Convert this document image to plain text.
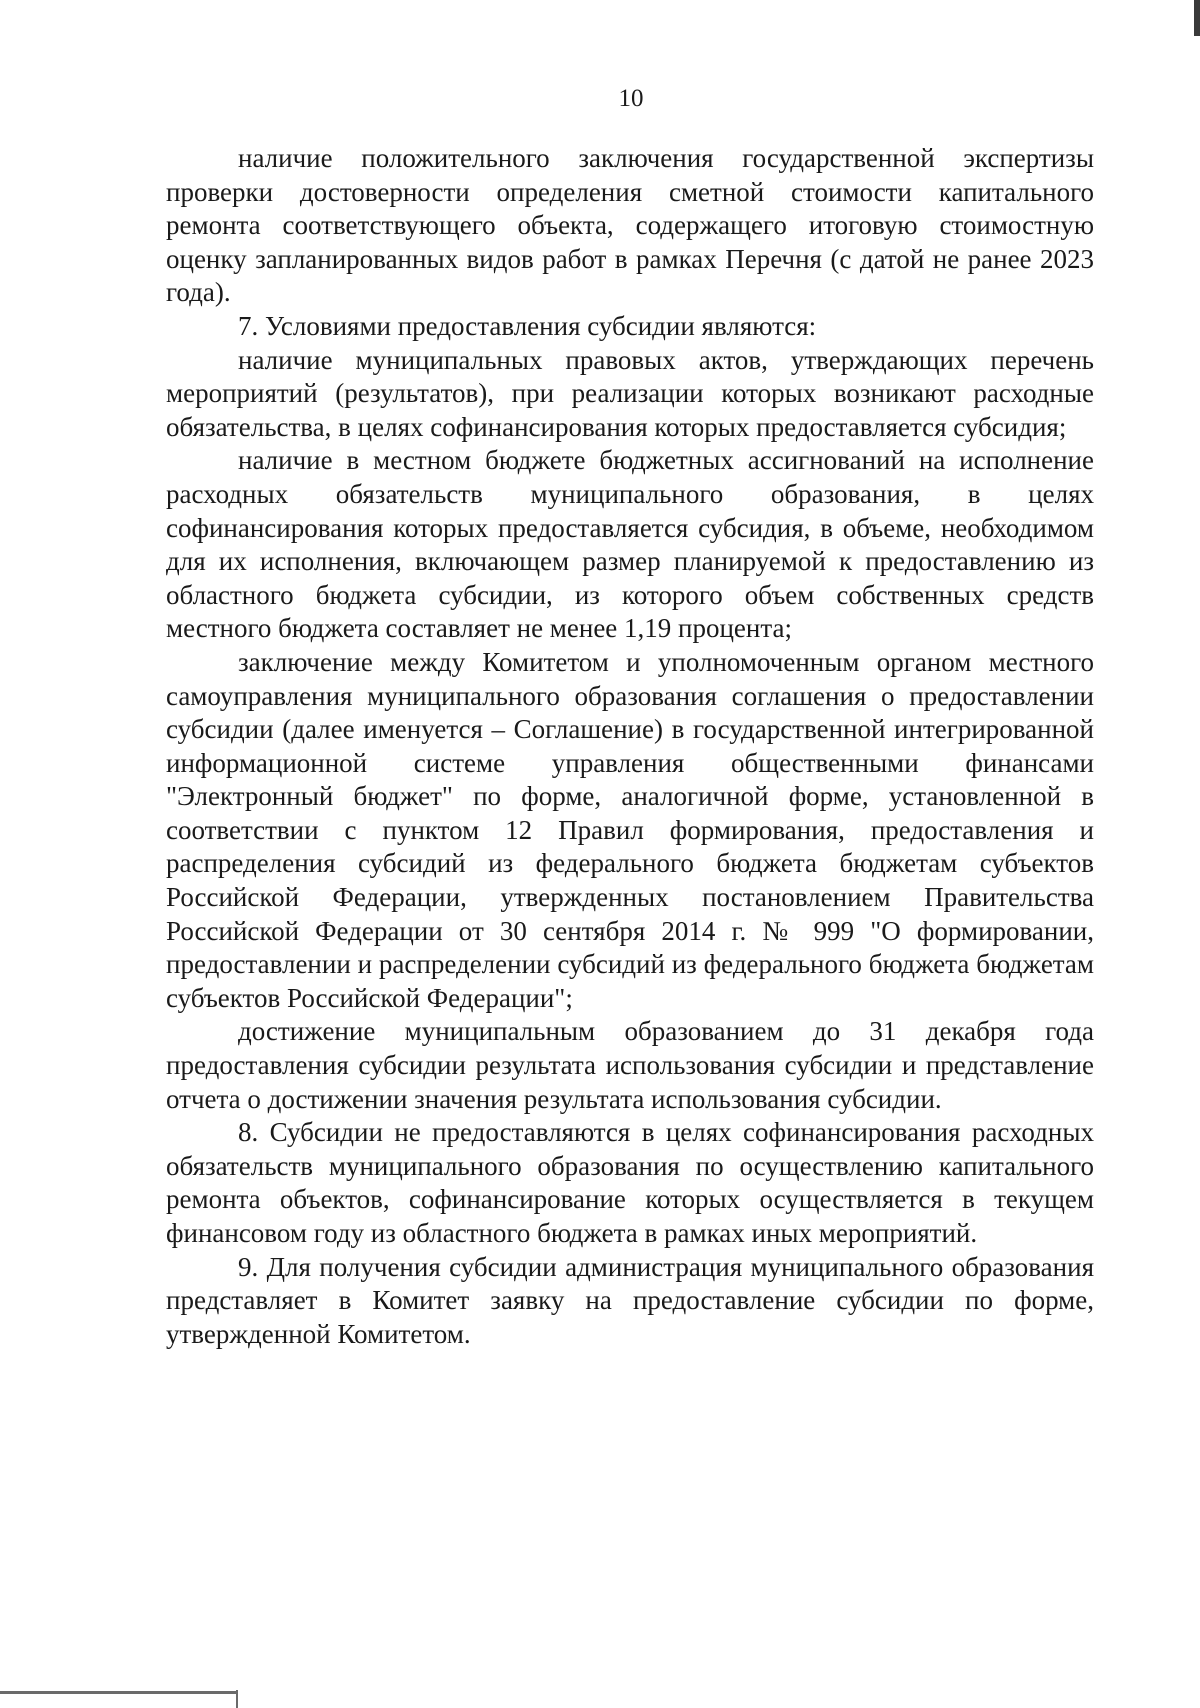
10

наличие положительного заключения государственной экспертизы проверки достоверности определения сметной стоимости капитального ремонта соответствующего объекта, содержащего итоговую стоимостную оценку запланированных видов работ в рамках Перечня (с датой не ранее 2023 года).

7. Условиями предоставления субсидии являются:

наличие муниципальных правовых актов, утверждающих перечень мероприятий (результатов), при реализации которых возникают расходные обязательства, в целях софинансирования которых предоставляется субсидия;

наличие в местном бюджете бюджетных ассигнований на исполнение расходных обязательств муниципального образования, в целях софинансирования которых предоставляется субсидия, в объеме, необходимом для их исполнения, включающем размер планируемой к предоставлению из областного бюджета субсидии, из которого объем собственных средств местного бюджета составляет не менее 1,19 процента;

заключение между Комитетом и уполномоченным органом местного самоуправления муниципального образования соглашения о предоставлении субсидии (далее именуется – Соглашение) в государственной интегрированной информационной системе управления общественными финансами "Электронный бюджет" по форме, аналогичной форме, установленной в соответствии с пунктом 12 Правил формирования, предоставления и распределения субсидий из федерального бюджета бюджетам субъектов Российской Федерации, утвержденных постановлением Правительства Российской Федерации от 30 сентября 2014 г. № 999 "О формировании, предоставлении и распределении субсидий из федерального бюджета бюджетам субъектов Российской Федерации";

достижение муниципальным образованием до 31 декабря года предоставления субсидии результата использования субсидии и представление отчета о достижении значения результата использования субсидии.

8. Субсидии не предоставляются в целях софинансирования расходных обязательств муниципального образования по осуществлению капитального ремонта объектов, софинансирование которых осуществляется в текущем финансовом году из областного бюджета в рамках иных мероприятий.

9. Для получения субсидии администрация муниципального образования представляет в Комитет заявку на предоставление субсидии по форме, утвержденной Комитетом.
